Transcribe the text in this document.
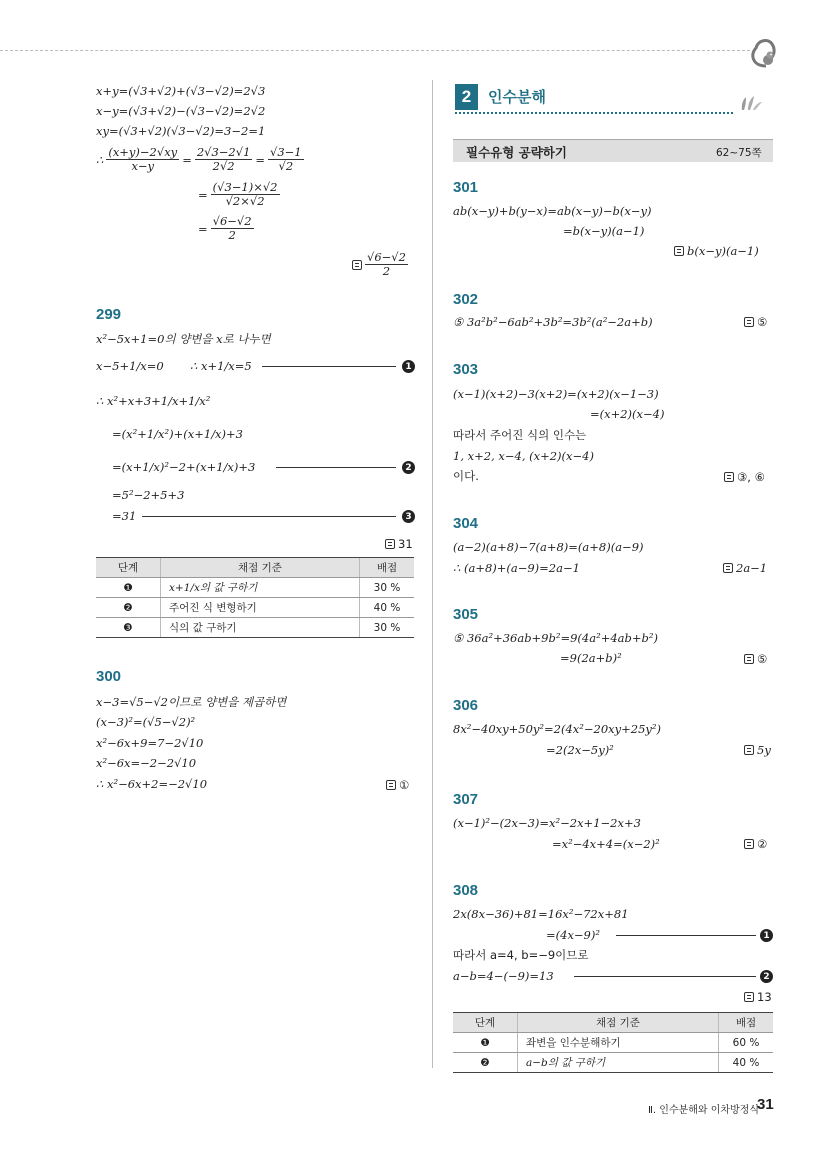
x+y=(√3+√2)+(√3−√2)=2√3
x−y=(√3+√2)−(√3−√2)=2√2
xy=(√3+√2)(√3−√2)=3−2=1
∴ $\frac{(x+y)-2√xy}{x-y} = \frac{2√3-2√1}{2√2} = \frac{√3-1}{√2}$
= $\frac{(√3-1)\times√2}{√2\times√2}$
= $\frac{√6-√2}{2}$
$\frac{√6-√2}{2}$
299
x²−5x+1=0의 양변을 x로 나누면
x−5+1/x=0 ∴ x+1/x=5	1
∴ x²+x+3+1/x+1/x²
=(x²+1/x²)+(x+1/x)+3
=(x+1/x)²−2+(x+1/x)+3	2
=5²−2+5+3
=31	3
31
단계	채점 기준	배점
❶	x+1/x의 값 구하기	30 %
❷	주어진 식 변형하기	40 %
❸	식의 값 구하기	30 %
300
x−3=√5−√2이므로 양변을 제곱하면
(x−3)²=(√5−√2)²
x²−6x+9=7−2√10
x²−6x=−2−2√10
∴ x²−6x+2=−2√10	①
2	인수분해
필수유형 공략하기	62~75쪽
301
ab(x−y)+b(y−x)=ab(x−y)−b(x−y)
=b(x−y)(a−1)
b(x−y)(a−1)
302
⑤ 3a²b²−6ab²+3b²=3b²(a²−2a+b)	⑤
303
(x−1)(x+2)−3(x+2)=(x+2)(x−1−3)
=(x+2)(x−4)
따라서 주어진 식의 인수는
1, x+2, x−4, (x+2)(x−4)
이다.	③, ⑥
304
(a−2)(a+8)−7(a+8)=(a+8)(a−9)
∴ (a+8)+(a−9)=2a−1	2a−1
305
⑤ 36a²+36ab+9b²=9(4a²+4ab+b²)
=9(2a+b)²	⑤
306
8x²−40xy+50y²=2(4x²−20xy+25y²)
=2(2x−5y)²	5y
307
(x−1)²−(2x−3)=x²−2x+1−2x+3
=x²−4x+4=(x−2)²	②
308
2x(8x−36)+81=16x²−72x+81
=(4x−9)²	1
따라서 a=4, b=−9이므로
a−b=4−(−9)=13	2
13
단계	채점 기준	배점
❶	좌변을 인수분해하기	60 %
❷	a−b의 값 구하기	40 %
Ⅱ. 인수분해와 이차방정식
31
